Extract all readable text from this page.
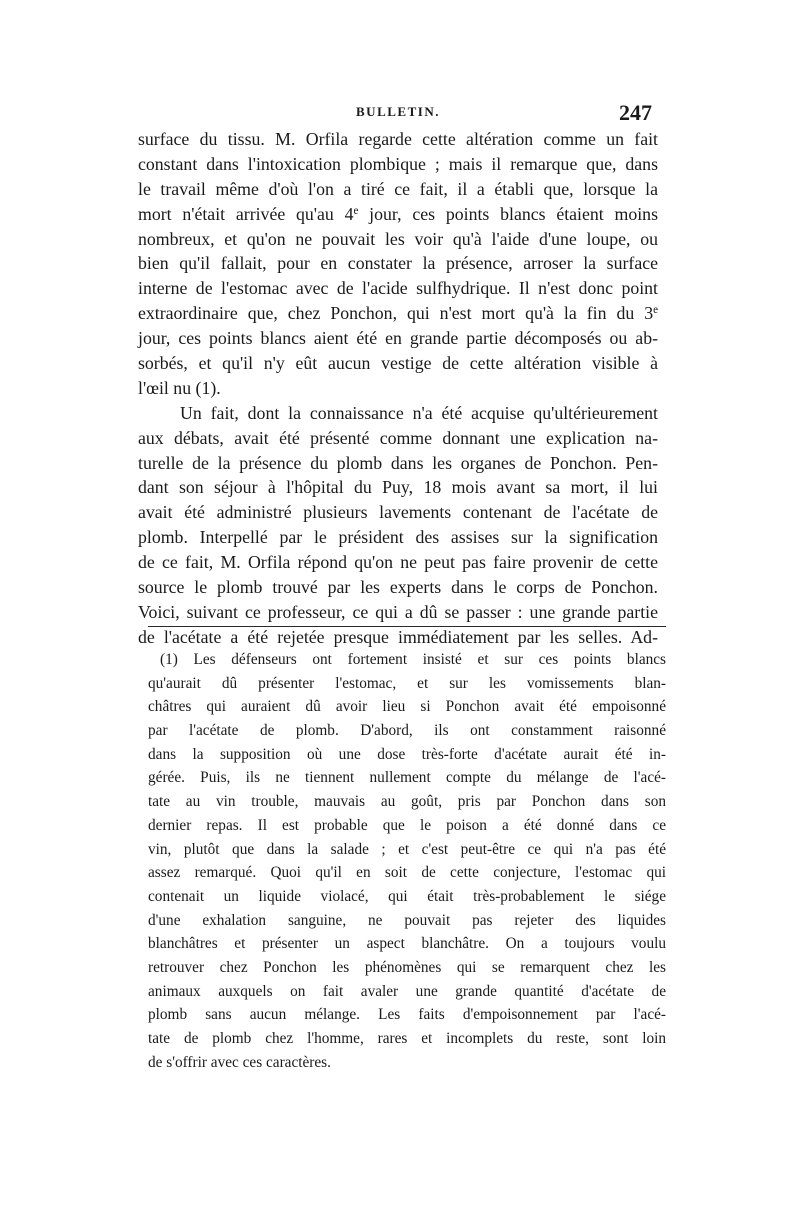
BULLETIN.	247
surface du tissu. M. Orfila regarde cette altération comme un fait
constant dans l'intoxication plombique ; mais il remarque que, dans
le travail même d'où l'on a tiré ce fait, il a établi que, lorsque la
mort n'était arrivée qu'au 4e jour, ces points blancs étaient moins
nombreux, et qu'on ne pouvait les voir qu'à l'aide d'une loupe, ou
bien qu'il fallait, pour en constater la présence, arroser la surface
interne de l'estomac avec de l'acide sulfhydrique. Il n'est donc point
extraordinaire que, chez Ponchon, qui n'est mort qu'à la fin du 3e
jour, ces points blancs aient été en grande partie décomposés ou ab-
sorbés, et qu'il n'y eût aucun vestige de cette altération visible à
l'œil nu (1).
Un fait, dont la connaissance n'a été acquise qu'ultérieurement
aux débats, avait été présenté comme donnant une explication na-
turelle de la présence du plomb dans les organes de Ponchon. Pen-
dant son séjour à l'hôpital du Puy, 18 mois avant sa mort, il lui
avait été administré plusieurs lavements contenant de l'acétate de
plomb. Interpellé par le président des assises sur la signification
de ce fait, M. Orfila répond qu'on ne peut pas faire provenir de cette
source le plomb trouvé par les experts dans le corps de Ponchon.
Voici, suivant ce professeur, ce qui a dû se passer : une grande partie
de l'acétate a été rejetée presque immédiatement par les selles. Ad-
(1) Les défenseurs ont fortement insisté et sur ces points blancs
qu'aurait dû présenter l'estomac, et sur les vomissements blan-
châtres qui auraient dû avoir lieu si Ponchon avait été empoisonné
par l'acétate de plomb. D'abord, ils ont constamment raisonné
dans la supposition où une dose très-forte d'acétate aurait été in-
gérée. Puis, ils ne tiennent nullement compte du mélange de l'acé-
tate au vin trouble, mauvais au goût, pris par Ponchon dans son
dernier repas. Il est probable que le poison a été donné dans ce
vin, plutôt que dans la salade ; et c'est peut-être ce qui n'a pas été
assez remarqué. Quoi qu'il en soit de cette conjecture, l'estomac qui
contenait un liquide violacé, qui était très-probablement le siége
d'une exhalation sanguine, ne pouvait pas rejeter des liquides
blanchâtres et présenter un aspect blanchâtre. On a toujours voulu
retrouver chez Ponchon les phénomènes qui se remarquent chez les
animaux auxquels on fait avaler une grande quantité d'acétate de
plomb sans aucun mélange. Les faits d'empoisonnement par l'acé-
tate de plomb chez l'homme, rares et incomplets du reste, sont loin
de s'offrir avec ces caractères.
